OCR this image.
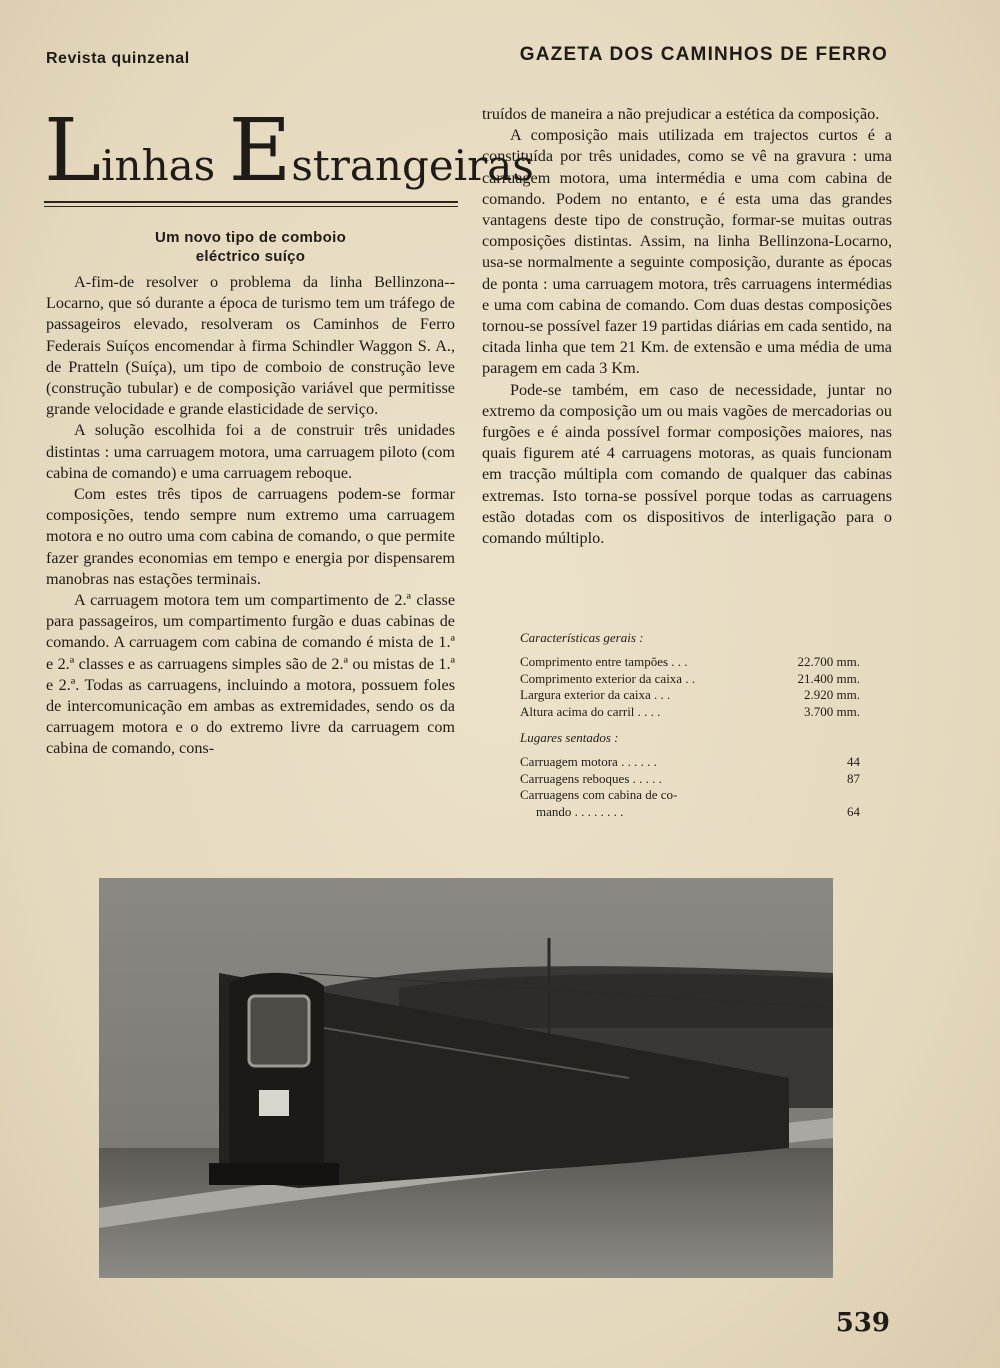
Revista quinzenal	GAZETA DOS CAMINHOS DE FERRO
Linhas Estrangeiras
Um novo tipo de comboio
eléctrico suíço

A-fim-de resolver o problema da linha Bellinzona--Locarno, que só durante a época de turismo tem um tráfego de passageiros elevado, resolveram os Caminhos de Ferro Federais Suíços encomendar à firma Schindler Waggon S. A., de Pratteln (Suíça), um tipo de comboio de construção leve (construção tubular) e de composição variável que permitisse grande velocidade e grande elasticidade de serviço.

A solução escolhida foi a de construir três unidades distintas : uma carruagem motora, uma carruagem piloto (com cabina de comando) e uma carruagem reboque.

Com estes três tipos de carruagens podem-se formar composições, tendo sempre num extremo uma carruagem motora e no outro uma com cabina de comando, o que permite fazer grandes economias em tempo e energia por dispensarem manobras nas estações terminais.

A carruagem motora tem um compartimento de 2.ª classe para passageiros, um compartimento furgão e duas cabinas de comando. A carruagem com cabina de comando é mista de 1.ª e 2.ª classes e as carruagens simples são de 2.ª ou mistas de 1.ª e 2.ª. Todas as carruagens, incluindo a motora, possuem foles de intercomunicação em ambas as extremidades, sendo os da carruagem motora e o do extremo livre da carruagem com cabina de comando, cons-

truídos de maneira a não prejudicar a estética da composição.

A composição mais utilizada em trajectos curtos é a constituída por três unidades, como se vê na gravura : uma carruagem motora, uma intermédia e uma com cabina de comando. Podem no entanto, e é esta uma das grandes vantagens deste tipo de construção, formar-se muitas outras composições distintas. Assim, na linha Bellinzona-Locarno, usa-se normalmente a seguinte composição, durante as épocas de ponta : uma carruagem motora, três carruagens intermédias e uma com cabina de comando. Com duas destas composições tornou-se possível fazer 19 partidas diárias em cada sentido, na citada linha que tem 21 Km. de extensão e uma média de uma paragem em cada 3 Km.

Pode-se também, em caso de necessidade, juntar no extremo da composição um ou mais vagões de mercadorias ou furgões e é ainda possível formar composições maiores, nas quais figurem até 4 carruagens motoras, as quais funcionam em tracção múltipla com comando de qualquer das cabinas extremas. Isto torna-se possível porque todas as carruagens estão dotadas com os dispositivos de interligação para o comando múltiplo.

Características gerais :
Comprimento entre tampões . . .	22.700 mm.
Comprimento exterior da caixa . .	21.400 mm.
Largura exterior da caixa . . .	2.920 mm.
Altura acima do carril . . . .	3.700 mm.
Lugares sentados :
Carruagem motora . . . . . .	44
Carruagens reboques . . . . .	87
Carruagens com cabina de co-
mando . . . . . . . .	64
539
